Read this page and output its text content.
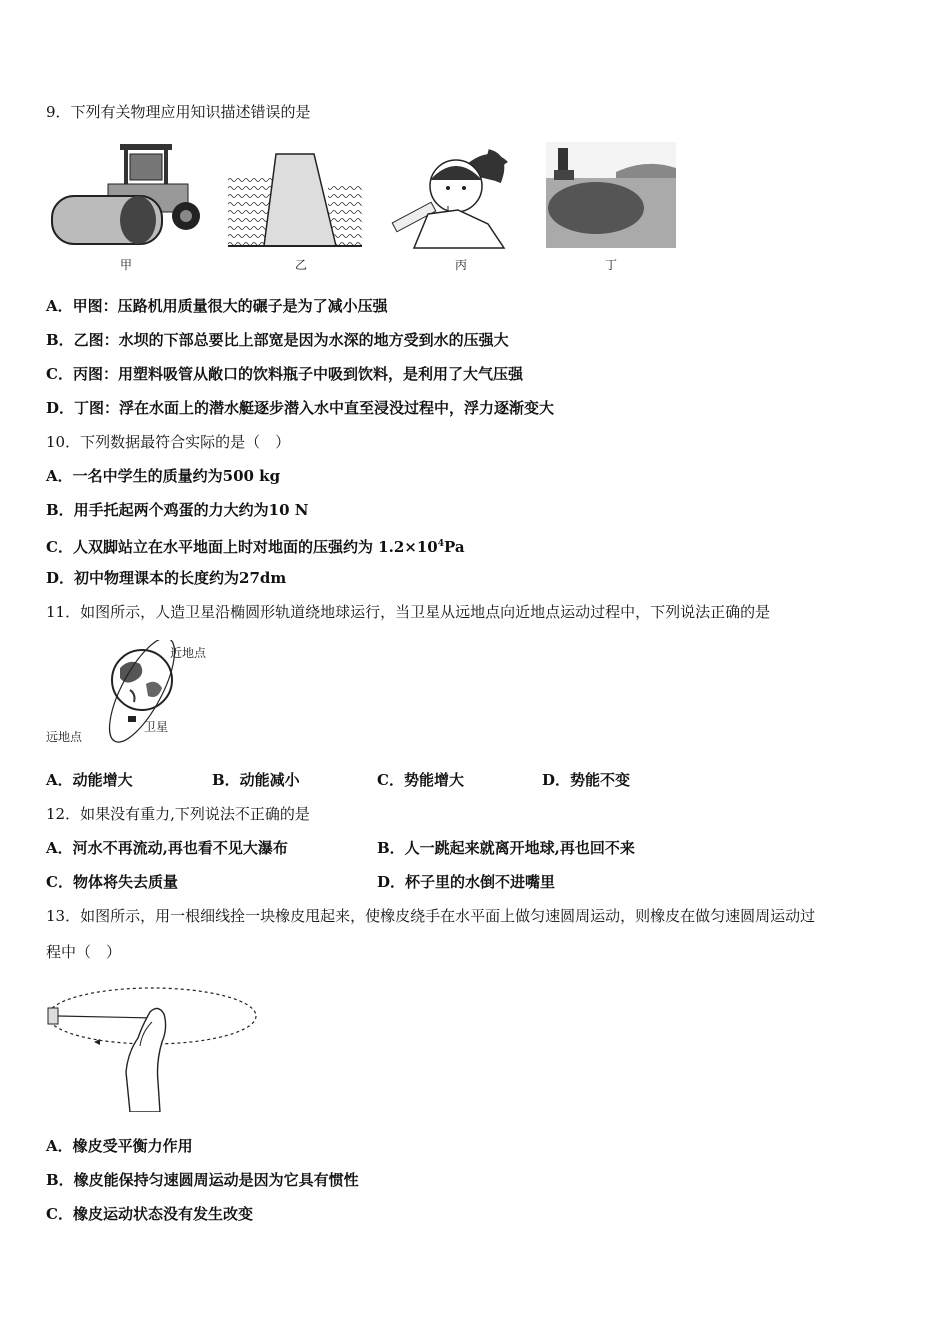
9．下列有关物理应用知识描述错误的是
甲	乙	丙	丁
A．甲图：压路机用质量很大的碾子是为了减小压强
B．乙图：水坝的下部总要比上部宽是因为水深的地方受到水的压强大
C．丙图：用塑料吸管从敞口的饮料瓶子中吸到饮料，是利用了大气压强
D．丁图：浮在水面上的潜水艇逐步潜入水中直至浸没过程中，浮力逐渐变大
10．下列数据最符合实际的是（　）
A．一名中学生的质量约为500 kg
B．用手托起两个鸡蛋的力大约为10 N
C．人双脚站立在水平地面上时对地面的压强约为 $1.2\times 10^4Pa$
D．初中物理课本的长度约为27dm
11．如图所示，人造卫星沿椭圆形轨道绕地球运行，当卫星从远地点向近地点运动过程中，下列说法正确的是
近地点
远地点
卫星
A．动能增大	B．动能减小	C．势能增大	D．势能不变
12．如果没有重力,下列说法不正确的是
A．河水不再流动,再也看不见大瀑布	B．人一跳起来就离开地球,再也回不来
C．物体将失去质量	D．杯子里的水倒不进嘴里
13．如图所示，用一根细线拴一块橡皮甩起来，使橡皮绕手在水平面上做匀速圆周运动，则橡皮在做匀速圆周运动过
程中（　）
A．橡皮受平衡力作用
B．橡皮能保持匀速圆周运动是因为它具有惯性
C．橡皮运动状态没有发生改变
